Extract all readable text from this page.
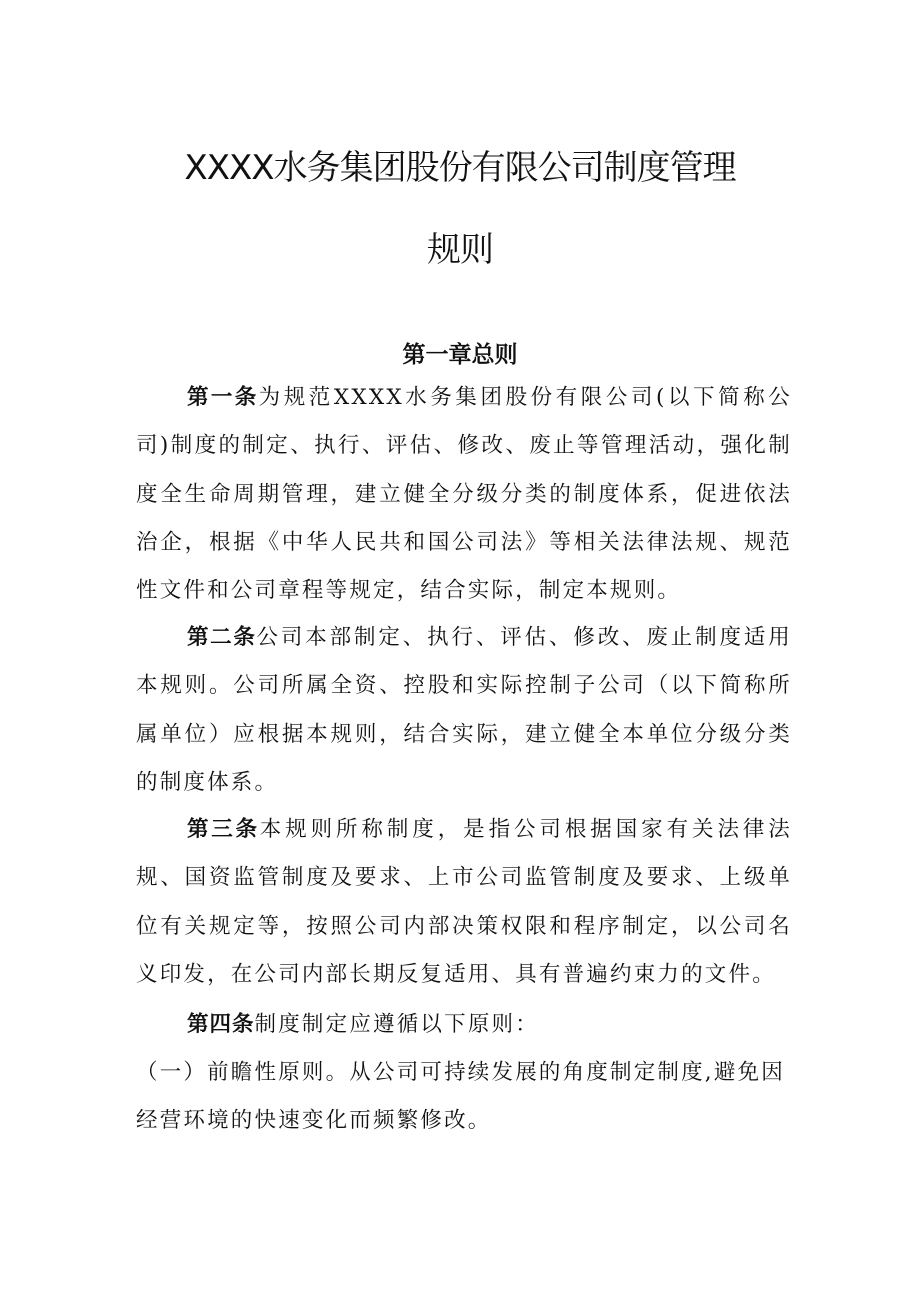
XXXX水务集团股份有限公司制度管理
规则
第一章总则

第一条为规范XXXX水务集团股份有限公司(以下简称公司)制度的制定、执行、评估、修改、废止等管理活动，强化制度全生命周期管理，建立健全分级分类的制度体系，促进依法治企，根据《中华人民共和国公司法》等相关法律法规、规范性文件和公司章程等规定，结合实际，制定本规则。

第二条公司本部制定、执行、评估、修改、废止制度适用本规则。公司所属全资、控股和实际控制子公司（以下简称所属单位）应根据本规则，结合实际，建立健全本单位分级分类的制度体系。

第三条本规则所称制度，是指公司根据国家有关法律法规、国资监管制度及要求、上市公司监管制度及要求、上级单位有关规定等，按照公司内部决策权限和程序制定，以公司名义印发，在公司内部长期反复适用、具有普遍约束力的文件。

第四条制度制定应遵循以下原则：

（一）前瞻性原则。从公司可持续发展的角度制定制度,避免因经营环境的快速变化而频繁修改。
